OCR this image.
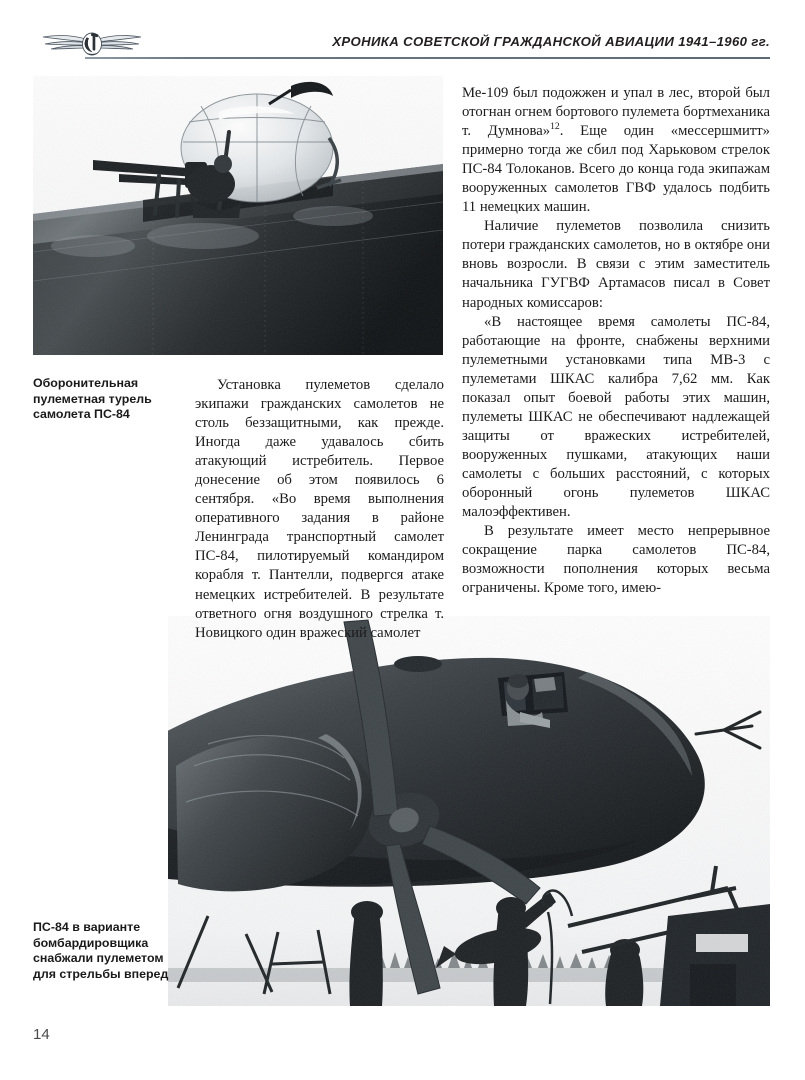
ХРОНИКА СОВЕТСКОЙ ГРАЖДАНСКОЙ АВИАЦИИ 1941–1960 гг.
Оборонительная пулеметная турель самолета ПС-84
ПС-84 в варианте бомбардировщика снабжали пулеметом для стрельбы вперед

Установка пулеметов сделало экипажи гражданских самолетов не столь беззащитными, как прежде. Иногда даже удавалось сбить атакующий истребитель. Первое донесение об этом появилось 6 сентября. «Во время выполнения оперативного задания в районе Ленинграда транспортный самолет ПС-84, пилотируемый командиром корабля т. Пантелли, подвергся атаке немецких истребителей. В результате ответного огня воздушного стрелка т. Новицкого один вражеский самолет

Ме-109 был подожжен и упал в лес, второй был отогнан огнем бортового пулемета бортмеханика т. Думнова»$^{12}$. Еще один «мессершмитт» примерно тогда же сбил под Харьковом стрелок ПС-84 Толоканов. Всего до конца года экипажам вооруженных самолетов ГВФ удалось подбить 11 немецких машин.

Наличие пулеметов позволила снизить потери гражданских самолетов, но в октябре они вновь возросли. В связи с этим заместитель начальника ГУГВФ Артамасов писал в Совет народных комиссаров:

«В настоящее время самолеты ПС-84, работающие на фронте, снабжены верхними пулеметными установками типа МВ-3 с пулеметами ШКАС калибра 7,62 мм. Как показал опыт боевой работы этих машин, пулеметы ШКАС не обеспечивают надлежащей защиты от вражеских истребителей, вооруженных пушками, атакующих наши самолеты с больших расстояний, с которых оборонный огонь пулеметов ШКАС малоэффективен.

В результате имеет место непрерывное сокращение парка самолетов ПС-84, возможности пополнения которых весьма ограничены. Кроме того, имею-

14
